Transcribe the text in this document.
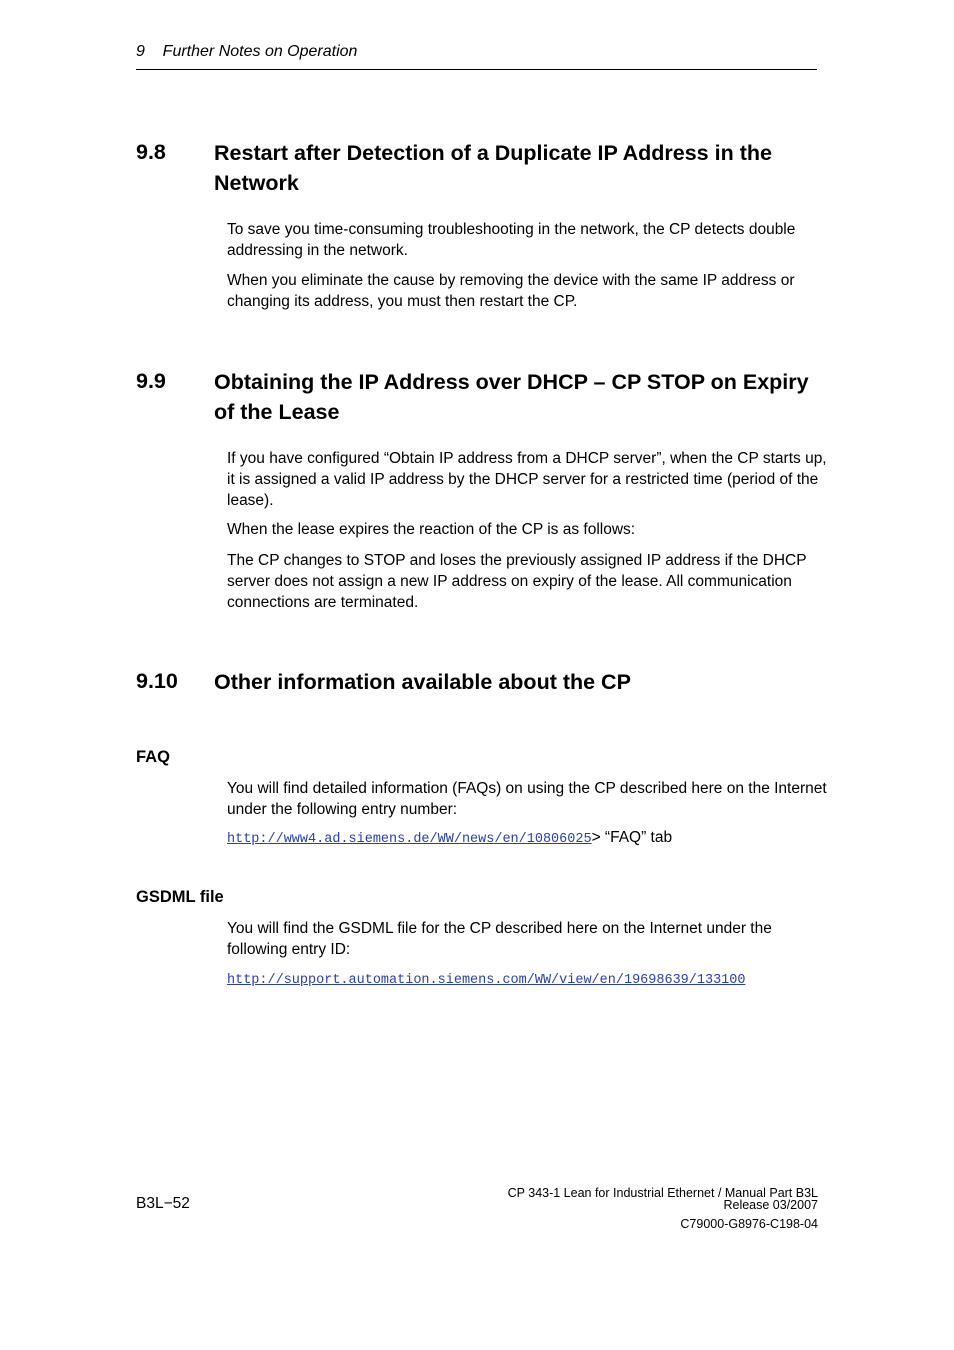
9    Further Notes on Operation
9.8 Restart after Detection of a Duplicate IP Address in the Network
To save you time-consuming troubleshooting in the network, the CP detects double addressing in the network.
When you eliminate the cause by removing the device with the same IP address or changing its address, you must then restart the CP.
9.9 Obtaining the IP Address over DHCP – CP STOP on Expiry of the Lease
If you have configured “Obtain IP address from a DHCP server”, when the CP starts up, it is assigned a valid IP address by the DHCP server for a restricted time (period of the lease).
When the lease expires the reaction of the CP is as follows:
The CP changes to STOP and loses the previously assigned IP address if the DHCP server does not assign a new IP address on expiry of the lease. All communication connections are terminated.
9.10 Other information available about the CP
FAQ
You will find detailed information (FAQs) on using the CP described here on the Internet under the following entry number:
http://www4.ad.siemens.de/WW/news/en/10806025> “FAQ” tab
GSDML file
You will find the GSDML file for the CP described here on the Internet under the following entry ID:
http://support.automation.siemens.com/WW/view/en/19698639/133100
B3L−52
CP 343-1 Lean for Industrial Ethernet / Manual Part B3L
Release 03/2007
C79000-G8976-C198-04
